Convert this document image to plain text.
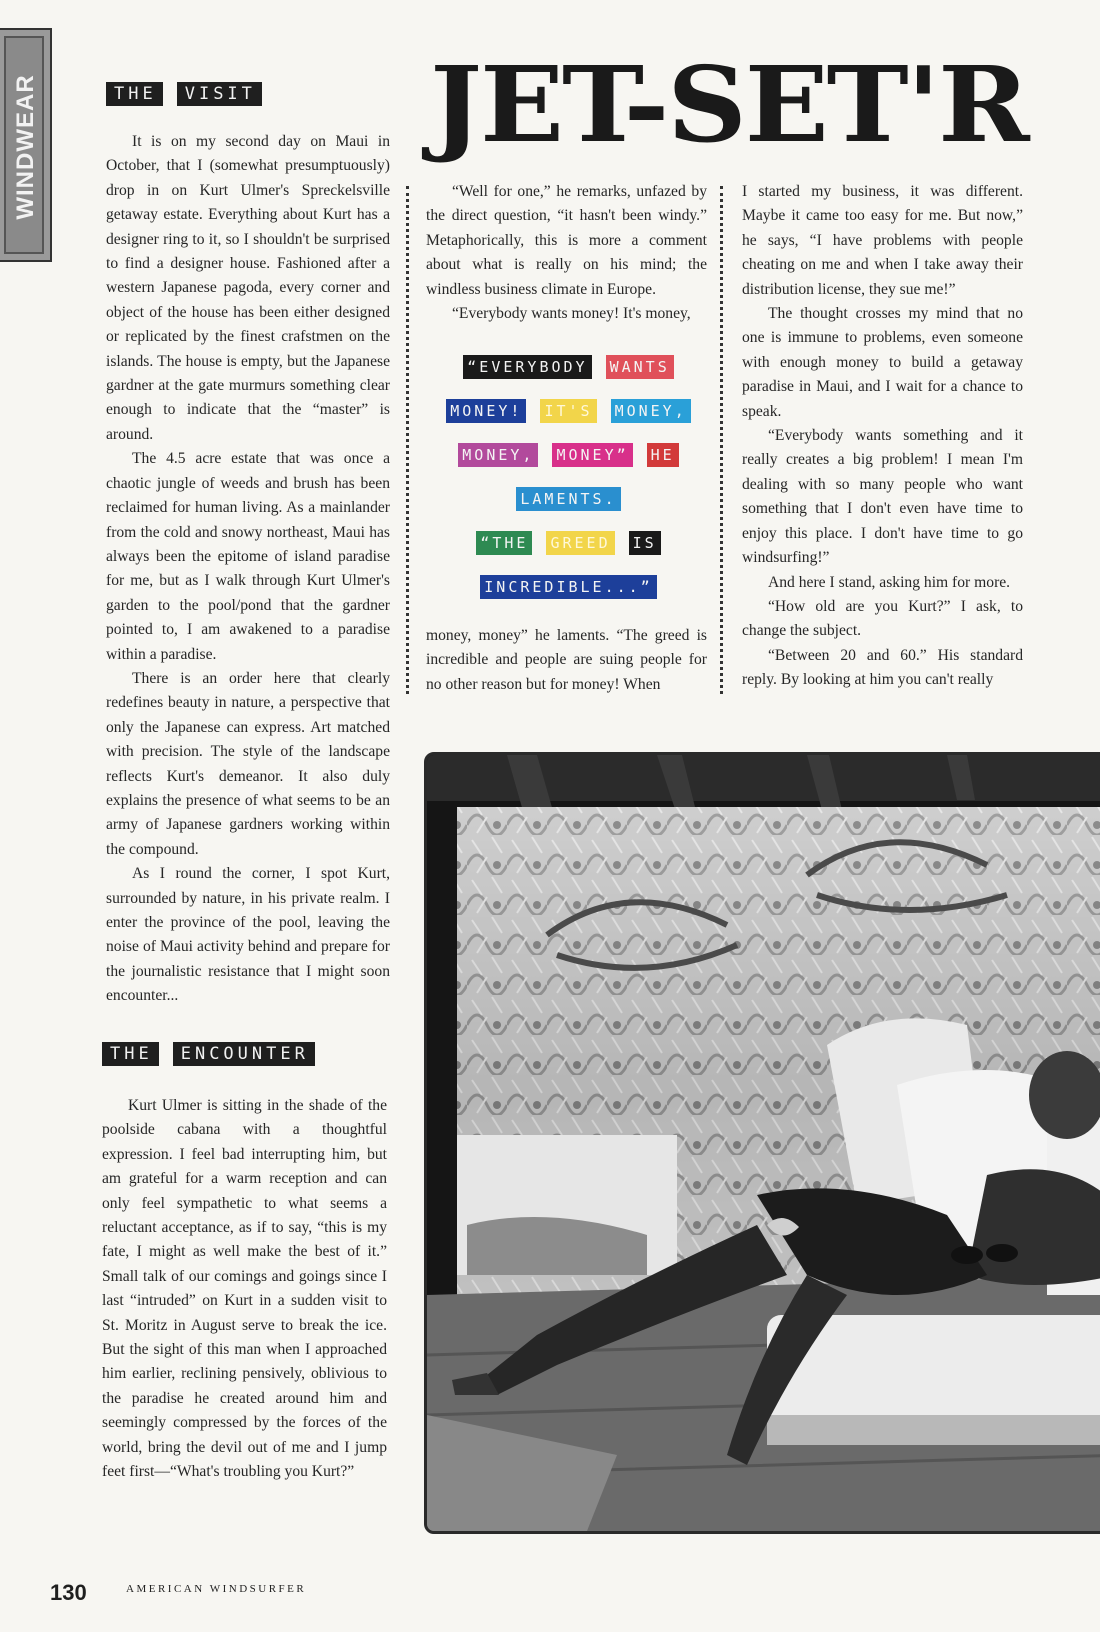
WINDWEAR	THE	VISIT

It is on my second day on Maui in October, that I (somewhat presumptuously) drop in on Kurt Ulmer's Spreckelsville getaway estate. Everything about Kurt has a designer ring to it, so I shouldn't be surprised to find a designer house. Fashioned after a western Japanese pagoda, every corner and object of the house has been either designed or replicated by the finest crafstmen on the islands. The house is empty, but the Japanese gardner at the gate murmurs something clear enough to indicate that the “master” is around.

The 4.5 acre estate that was once a chaotic jungle of weeds and brush has been reclaimed for human living. As a mainlander from the cold and snowy northeast, Maui has always been the epitome of island paradise for me, but as I walk through Kurt Ulmer's garden to the pool/pond that the gardner pointed to, I am awakened to a paradise within a paradise.

There is an order here that clearly redefines beauty in nature, a perspective that only the Japanese can express. Art matched with precision. The style of the landscape reflects Kurt's demeanor. It also duly explains the presence of what seems to be an army of Japanese gardners working within the compound.

As I round the corner, I spot Kurt, surrounded by nature, in his private realm. I enter the province of the pool, leaving the noise of Maui activity behind and prepare for the journalistic resistance that I might soon encounter...

THE	ENCOUNTER

Kurt Ulmer is sitting in the shade of the poolside cabana with a thoughtful expression. I feel bad interrupting him, but am grateful for a warm reception and can only feel sympathetic to what seems a reluctant acceptance, as if to say, “this is my fate, I might as well make the best of it.” Small talk of our comings and goings since I last “intruded” on Kurt in a sudden visit to St. Moritz in August serve to break the ice. But the sight of this man when I approached him earlier, reclining pensively, oblivious to the paradise he created around him and seemingly compressed by the forces of the world, bring the devil out of me and I jump feet first—“What's troubling you Kurt?”

JET-SET'R

“Well for one,” he remarks, unfazed by the direct question, “it hasn't been windy.” Metaphorically, this is more a comment about what is really on his mind; the windless business climate in Europe.

“Everybody wants money! It's money,

“EVERYBODY WANTS
MONEY! IT'S MONEY,
MONEY, MONEY” HE
LAMENTS.
“THE GREED IS
INCREDIBLE...”

money, money” he laments. “The greed is incredible and people are suing people for no other reason but for money! When

I started my business, it was different. Maybe it came too easy for me. But now,” he says, “I have problems with people cheating on me and when I take away their distribution license, they sue me!”

The thought crosses my mind that no one is immune to problems, even someone with enough money to build a getaway paradise in Maui, and I wait for a chance to speak.

“Everybody wants something and it really creates a big problem! I mean I'm dealing with so many people who want something that I don't even have time to enjoy this place. I don't have time to go windsurfing!”

And here I stand, asking him for more.

“How old are you Kurt?” I ask, to change the subject.

“Between 20 and 60.” His standard reply. By looking at him you can't really

130	AMERICAN WINDSURFER
